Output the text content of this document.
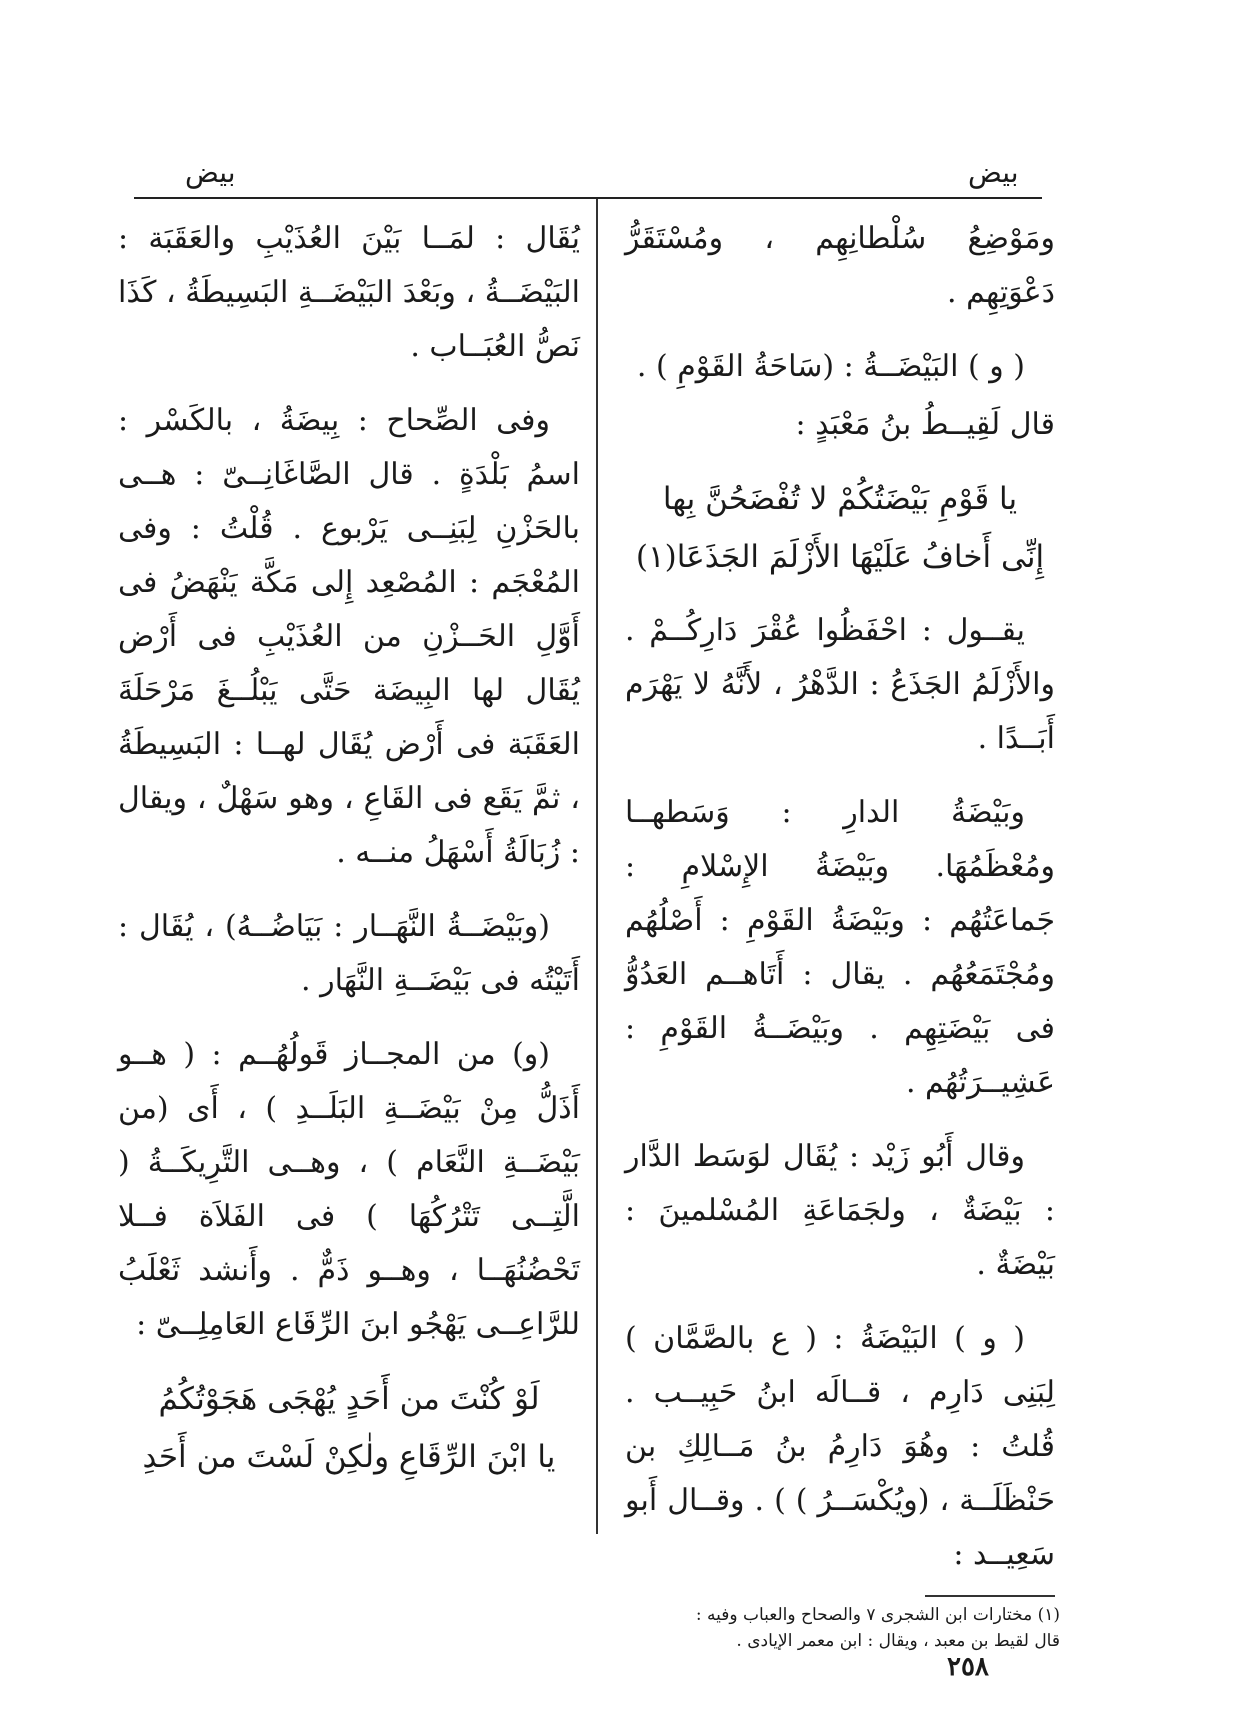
بيض
بيض

ومَوْضِعُ سُلْطانِهِم ، ومُسْتَقَرُّ دَعْوَتِهِم .

( و ) البَيْضَــةُ : (سَاحَةُ القَوْمِ ) .

قال لَقِيــطُ بنُ مَعْبَدٍ :

يا قَوْمِ بَيْضَتُكُمْ لا تُفْضَحُنَّ بِها

إِنِّى أَخافُ عَلَيْهَا الأَزْلَمَ الجَذَعَا(١)

يقــول : احْفَظُوا عُقْرَ دَارِكُــمْ . والأَزْلَمُ الجَذَعُ : الدَّهْرُ ، لأَنَّهُ لا يَهْرَم أَبَــدًا .

وبَيْضَةُ الدارِ : وَسَطهــا ومُعْظَمُهَا. وبَيْضَةُ الإِسْلامِ : جَماعَتُهُم : وبَيْضَةُ القَوْمِ : أَصْلُهُم ومُجْتَمَعُهُم . يقال : أَتَاهــم العَدُوُّ فى بَيْضَتِهِم . وبَيْضَــةُ القَوْمِ : عَشِيــرَتُهُم .

وقال أَبُو زَيْد : يُقَال لوَسَط الدَّار : بَيْضَةٌ ، ولجَمَاعَةِ المُسْلمينَ : بَيْضَةٌ .

( و ) البَيْضَةُ : ( ع بالصَّمَّان ) لِبَنِى دَارِم ، قــالَه ابنُ حَبِيــب . قُلتُ : وهُوَ دَارِمُ بنُ مَــالِكِ بن حَنْظَلَــة ، (ويُكْسَــرُ ) ) . وقــال أَبو سَعِيــد :

يُقَال : لمَــا بَيْنَ العُذَيْبِ والعَقَبَة : البَيْضَــةُ ، وبَعْدَ البَيْضَــةِ البَسِيطَةُ ، كَذَا نَصُّ العُبَــاب .

وفى الصِّحاح : بِيضَةُ ، بالكَسْر : اسمُ بَلْدَةٍ . قال الصَّاغَانِــىّ : هــى بالحَزْنِ لِبَنِــى يَرْبوع . قُلْتُ : وفى المُعْجَم : المُصْعِد إِلى مَكَّة يَنْهَضُ فى أَوَّلِ الحَــزْنِ من العُذَيْبِ فى أَرْض يُقَال لها البِيضَة حَتَّى يَبْلُــغَ مَرْحَلَةَ العَقَبَة فى أَرْض يُقَال لهــا : البَسِيطَةُ ، ثمَّ يَقَع فى القَاعِ ، وهو سَهْلٌ ، ويقال : زُبَالَةُ أَسْهَلُ منــه .

(وبَيْضَــةُ النَّهَــار : بَيَاضُــهُ) ، يُقَال : أَتَيْتُه فى بَيْضَــةِ النَّهَار .

(و) من المجــاز قَولُهُــم : ( هــو أَذَلُّ مِنْ بَيْضَــةِ البَلَــدِ ) ، أَى (من بَيْضَــةِ النَّعَام ) ، وهــى التَّرِيكَــةُ ( الَّتِــى تَتْرُكُهَا ) فى الفَلاَة فــلا تَحْضُنُهَــا ، وهــو ذَمٌّ . وأَنشد ثَعْلَبُ للرَّاعِــى يَهْجُو ابنَ الرِّقَاع العَامِلِــىّ :

لَوْ كُنْتَ من أَحَدٍ يُهْجَى هَجَوْتُكُمُ

يا ابْنَ الرِّقَاعِ ولٰكِنْ لَسْتَ من أَحَدِ

(١) مختارات ابن الشجرى ٧ والصحاح والعباب وفيه :

قال لقيط بن معبد ، ويقال : ابن معمر الإيادى .

٢٥٨
